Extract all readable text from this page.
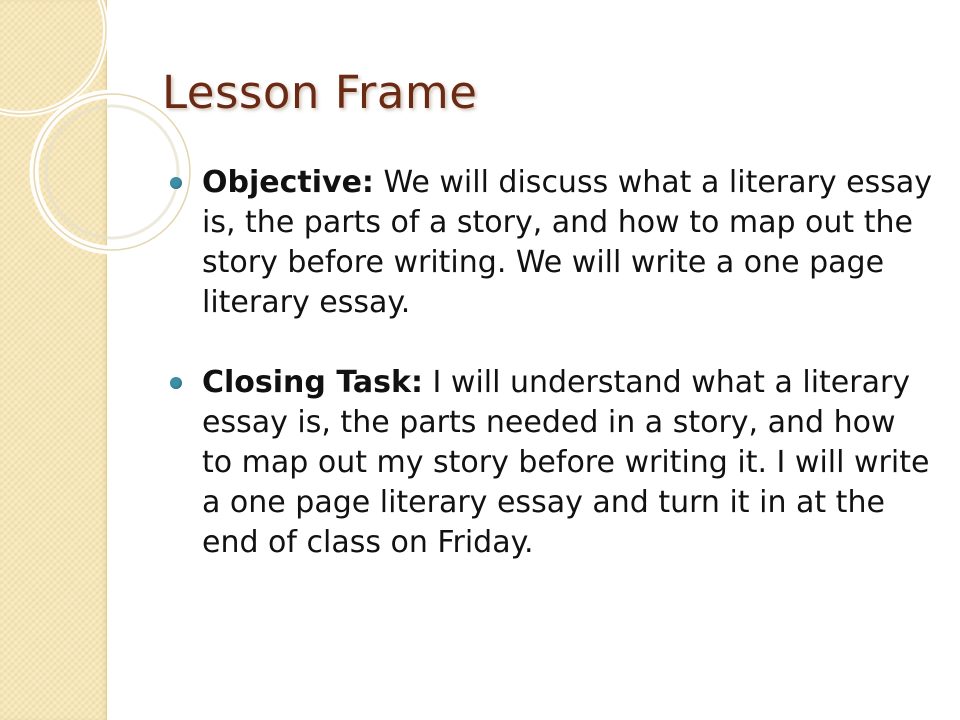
Lesson Frame
Objective: We will discuss what a literary essay is, the parts of a story, and how to map out the story before writing. We will write a one page literary essay.
Closing Task: I will understand what a literary essay is, the parts needed in a story, and how to map out my story before writing it. I will write a one page literary essay and turn it in at the end of class on Friday.
